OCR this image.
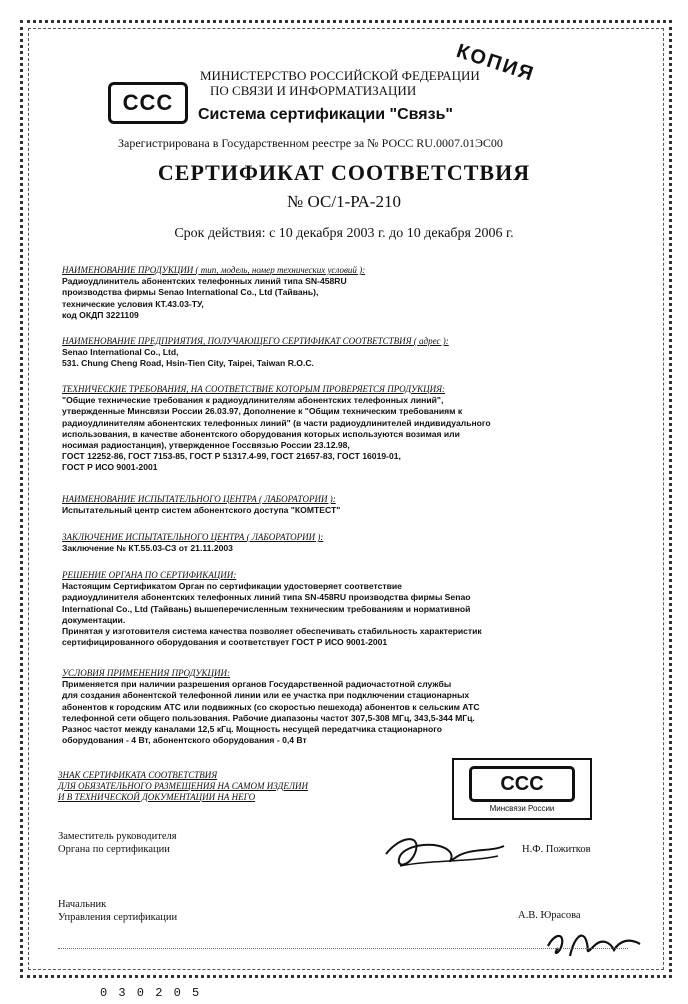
CCC
МИНИСТЕРСТВО РОССИЙСКОЙ ФЕДЕРАЦИИ
ПО СВЯЗИ И ИНФОРМАТИЗАЦИИ
КОПИЯ
Система сертификации "Связь"
Зарегистрирована в Государственном реестре за № РОСС RU.0007.01ЭС00
СЕРТИФИКАТ СООТВЕТСТВИЯ
№ ОС/1-РА-210
Срок действия: с 10 декабря 2003 г. до 10 декабря 2006 г.
НАИМЕНОВАНИЕ ПРОДУКЦИИ ( тип, модель, номер технических условий ):
Радиоудлинитель абонентских телефонных линий типа SN-458RU
производства фирмы Senao International Co., Ltd (Тайвань),
технические условия КТ.43.03-ТУ,
код ОКДП 3221109
НАИМЕНОВАНИЕ ПРЕДПРИЯТИЯ, ПОЛУЧАЮЩЕГО СЕРТИФИКАТ СООТВЕТСТВИЯ ( адрес ):
Senao International Co., Ltd,
531. Chung Cheng Road, Hsin-Tien City, Taipei, Taiwan R.O.C.
ТЕХНИЧЕСКИЕ ТРЕБОВАНИЯ, НА СООТВЕТСТВИЕ КОТОРЫМ ПРОВЕРЯЕТСЯ ПРОДУКЦИЯ:
"Общие технические требования к радиоудлинителям абонентских телефонных линий",
утвержденные Минсвязи России 26.03.97, Дополнение к "Общим техническим требованиям к
радиоудлинителям абонентских телефонных линий" (в части радиоудлинителей индивидуального
использования, в качестве абонентского оборудования которых используются возимая или
носимая радиостанция), утвержденное Госсвязью России 23.12.98,
ГОСТ 12252-86, ГОСТ 7153-85, ГОСТ Р 51317.4-99, ГОСТ 21657-83, ГОСТ 16019-01,
ГОСТ Р ИСО 9001-2001
НАИМЕНОВАНИЕ ИСПЫТАТЕЛЬНОГО ЦЕНТРА ( ЛАБОРАТОРИИ ):
Испытательный центр систем абонентского доступа "КОМТЕСТ"
ЗАКЛЮЧЕНИЕ ИСПЫТАТЕЛЬНОГО ЦЕНТРА ( ЛАБОРАТОРИИ ):
Заключение № КТ.55.03-СЗ от 21.11.2003
РЕШЕНИЕ ОРГАНА ПО СЕРТИФИКАЦИИ:
Настоящим Сертификатом Орган по сертификации удостоверяет соответствие
радиоудлинителя абонентских телефонных линий типа SN-458RU производства фирмы Senao
International Co., Ltd (Тайвань) вышеперечисленным техническим требованиям и нормативной
документации.
Принятая у изготовителя система качества позволяет обеспечивать стабильность характеристик
сертифицированного оборудования и соответствует ГОСТ Р ИСО 9001-2001
УСЛОВИЯ ПРИМЕНЕНИЯ ПРОДУКЦИИ:
Применяется при наличии разрешения органов Государственной радиочастотной службы
для создания абонентской телефонной линии или ее участка при подключении стационарных
абонентов к городским АТС или подвижных (со скоростью пешехода) абонентов к сельским АТС
телефонной сети общего пользования. Рабочие диапазоны частот 307,5-308 МГц, 343,5-344 МГц.
Разнос частот между каналами 12,5 кГц. Мощность несущей передатчика стационарного
оборудования - 4 Вт, абонентского оборудования - 0,4 Вт
ЗНАК СЕРТИФИКАТА СООТВЕТСТВИЯ
ДЛЯ ОБЯЗАТЕЛЬНОГО РАЗМЕЩЕНИЯ НА САМОМ ИЗДЕЛИИ
И В ТЕХНИЧЕСКОЙ ДОКУМЕНТАЦИИ НА НЕГО
CCC
Минсвязи России
Заместитель руководителя
Органа по сертификации	Н.Ф. Пожитков
Начальник
Управления сертификации	А.В. Юрасова
0 3 0 2 0 5
